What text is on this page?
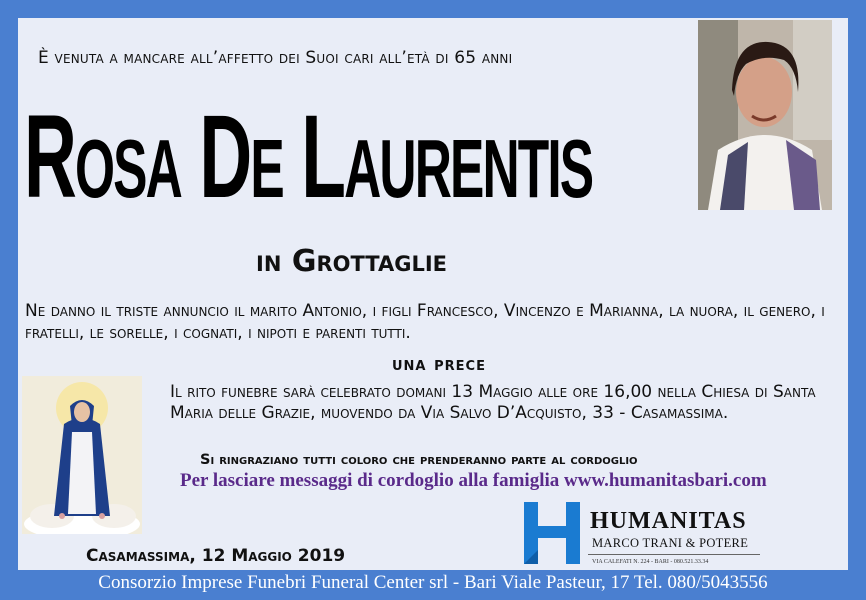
È venuta a mancare all’affetto dei Suoi cari all’età di 65 anni
Rosa De Laurentis
in Grottaglie
Ne danno il triste annuncio il marito Antonio, i figli Francesco, Vincenzo e Marianna, la nuora, il genero, i fratelli, le sorelle, i cognati, i nipoti e parenti tutti.
una prece
Il rito funebre sarà celebrato domani 13 Maggio alle ore 16,00 nella Chiesa di Santa Maria delle Grazie, muovendo da Via Salvo D’Acquisto, 33 - Casamassima.
Si ringraziano tutti coloro che prenderanno parte al cordoglio
Per lasciare messaggi di cordoglio alla famiglia www.humanitasbari.com
HUMANITAS
MARCO TRANI & POTERE
VIA CALEFATI N. 224 - BARI - 080.521.33.34
Casamassima, 12 Maggio 2019
Consorzio Imprese Funebri Funeral Center srl - Bari Viale Pasteur, 17 Tel. 080/5043556
